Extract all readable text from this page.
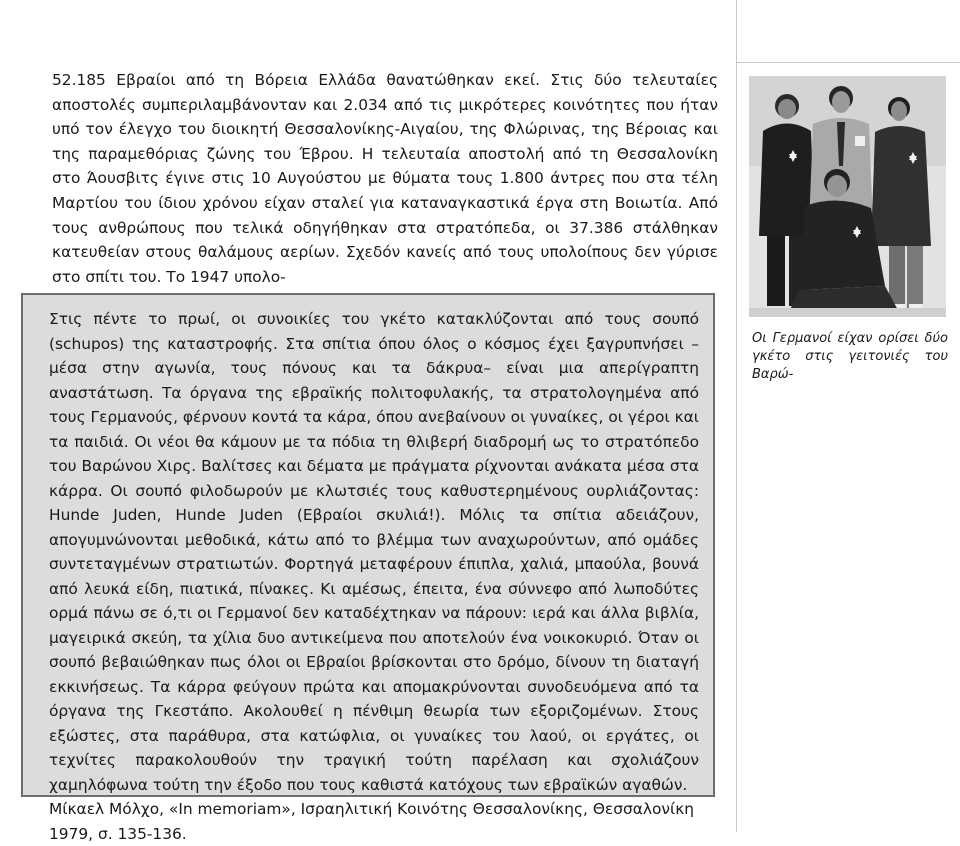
52.185 Εβραίοι από τη Βόρεια Ελλάδα θανατώθηκαν εκεί. Στις δύο τελευταίες αποστολές συμπεριλαμβάνονταν και 2.034 από τις μικρότερες κοινότητες που ήταν υπό τον έλεγχο του διοικητή Θεσσαλονίκης-Αιγαίου, της Φλώρινας, της Βέροιας και της παραμεθόριας ζώνης του Έβρου. Η τελευταία αποστολή από τη Θεσσαλονίκη στο Άουσβιτς έγινε στις 10 Αυγούστου με θύματα τους 1.800 άντρες που στα τέλη Μαρτίου του ίδιου χρόνου είχαν σταλεί για καταναγκαστικά έργα στη Βοιωτία. Από τους ανθρώπους που τελικά οδηγήθηκαν στα στρατόπεδα, οι 37.386 στάλθηκαν κατευθείαν στους θαλάμους αερίων. Σχεδόν κανείς από τους υπολοίπους δεν γύρισε στο σπίτι του. Το 1947 υπολο-

Στις πέντε το πρωί, οι συνοικίες του γκέτο κατακλύζονται από τους σουπό (schupos) της καταστροφής. Στα σπίτια όπου όλος ο κόσμος έχει ξαγρυπνήσει –μέσα στην αγωνία, τους πόνους και τα δάκρυα– είναι μια απερίγραπτη αναστάτωση. Τα όργανα της εβραϊκής πολιτοφυλακής, τα στρατολογημένα από τους Γερμανούς, φέρνουν κοντά τα κάρα, όπου ανεβαίνουν οι γυναίκες, οι γέροι και τα παιδιά. Οι νέοι θα κάμουν με τα πόδια τη θλιβερή διαδρομή ως το στρατόπεδο του Βαρώνου Χιρς. Βαλίτσες και δέματα με πράγματα ρίχνονται ανάκατα μέσα στα κάρρα. Οι σουπό φιλοδωρούν με κλωτσιές τους καθυστερημένους ουρλιάζοντας: Hunde Juden, Hunde Juden (Εβραίοι σκυλιά!). Μόλις τα σπίτια αδειάζουν, απογυμνώνονται μεθοδικά, κάτω από το βλέμμα των αναχωρούντων, από ομάδες συντεταγμένων στρατιωτών. Φορτηγά μεταφέρουν έπιπλα, χαλιά, μπαούλα, βουνά από λευκά είδη, πιατικά, πίνακες. Κι αμέσως, έπειτα, ένα σύννεφο από λωποδύτες ορμά πάνω σε ό,τι οι Γερμανοί δεν καταδέχτηκαν να πάρουν: ιερά και άλλα βιβλία, μαγειρικά σκεύη, τα χίλια δυο αντικείμενα που αποτελούν ένα νοικοκυριό. Όταν οι σουπό βεβαιώθηκαν πως όλοι οι Εβραίοι βρίσκονται στο δρόμο, δίνουν τη διαταγή εκκινήσεως. Τα κάρρα φεύγουν πρώτα και απομακρύνονται συνοδευόμενα από τα όργανα της Γκεστάπο. Ακολουθεί η πένθιμη θεωρία των εξοριζομένων. Στους εξώστες, στα παράθυρα, στα κατώφλια, οι γυναίκες του λαού, οι εργάτες, οι τεχνίτες παρακολουθούν την τραγική τούτη παρέλαση και σχολιάζουν χαμηλόφωνα τούτη την έξοδο που τους καθιστά κατόχους των εβραϊκών αγαθών.

Μίκαελ Μόλχο, «In memoriam», Ισραηλιτική Κοινότης Θεσσαλονίκης, Θεσσαλονίκη 1979, σ. 135-136.

Οι Γερμανοί είχαν ορίσει δύο γκέτο στις γειτονιές του Βαρώ-
